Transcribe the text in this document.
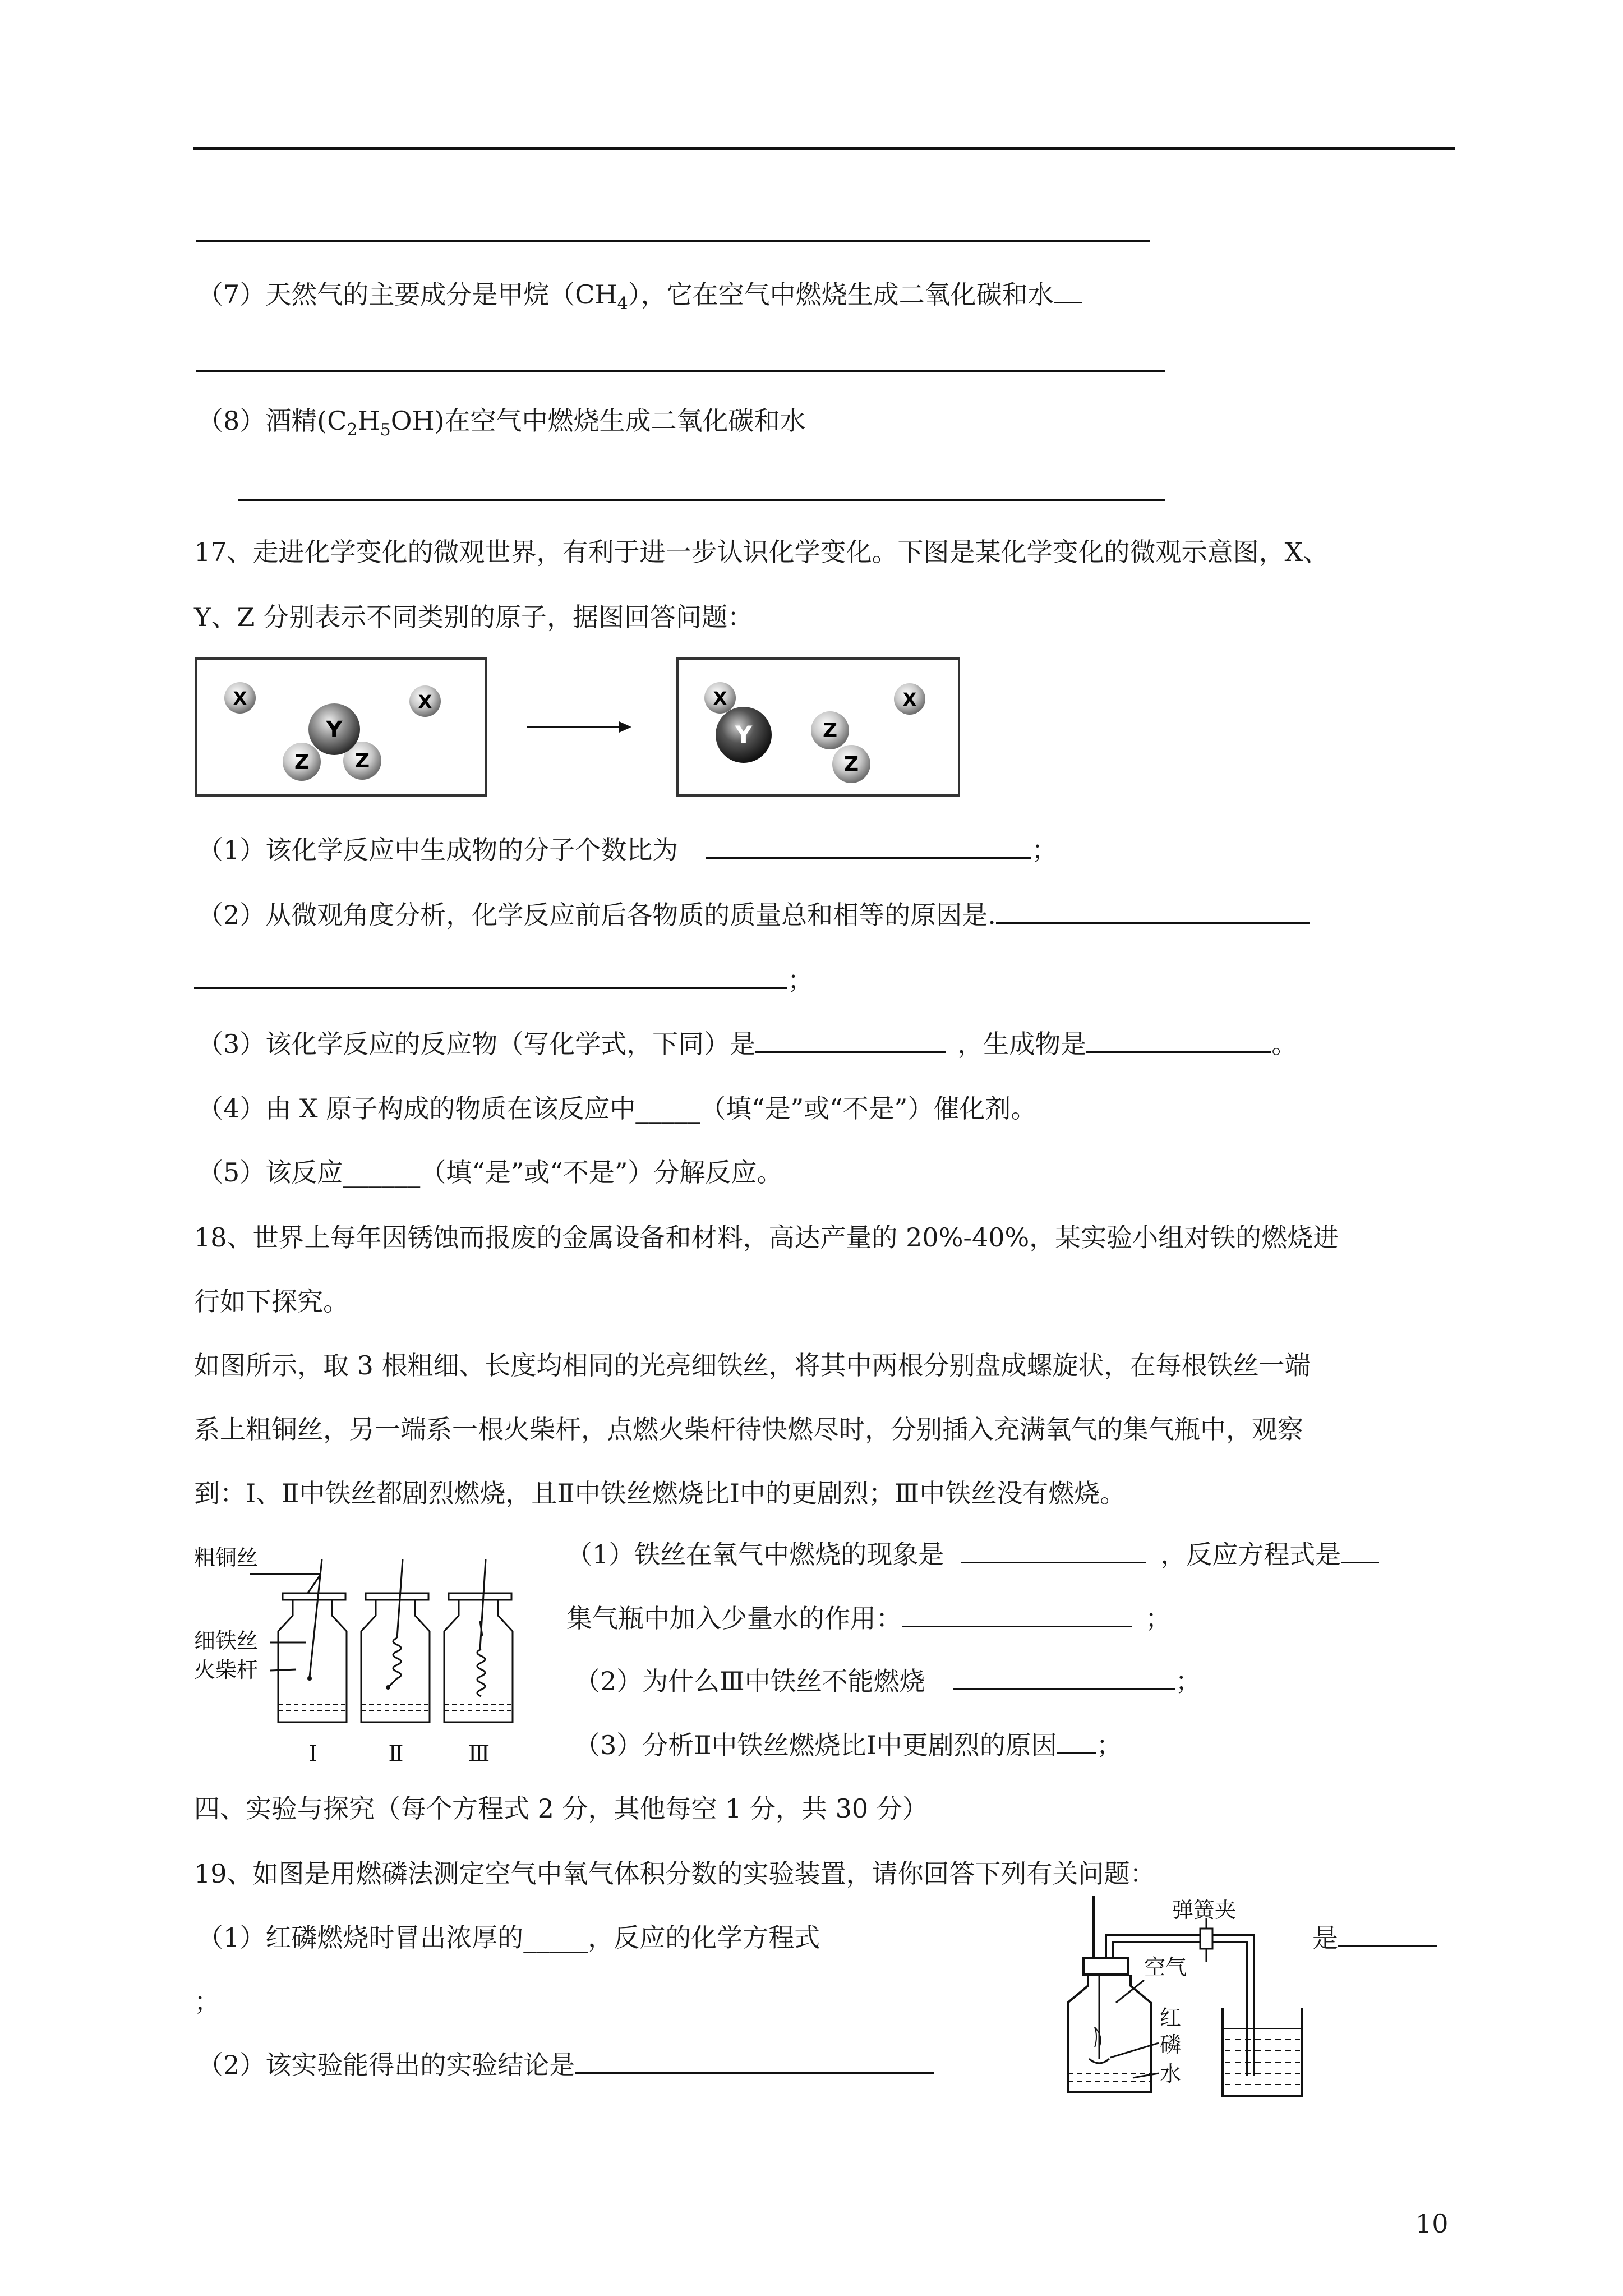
（7）天然气的主要成分是甲烷$(CH_4)$，它在空气中燃烧生成二氧化碳和水
（8）酒精$(C_2H_5OH)$在空气中燃烧生成二氧化碳和水
17、走进化学变化的微观世界，有利于进一步认识化学变化。下图是某化学变化的微观示意图，X、
Y、Z 分别表示不同类别的原子，据图回答问题：
X	X
Z Z
Y
X
Y	Z
Z
X
（1）该化学反应中生成物的分子个数比为	；
（2）从微观角度分析，化学反应前后各物质的质量总和相等的原因是.
；
（3）该化学反应的反应物（写化学式，下同）是	，生成物是	。
（4）由 X 原子构成的物质在该反应中_____（填“是”或“不是”）催化剂。
（5）该反应______（填“是”或“不是”）分解反应。
18、世界上每年因锈蚀而报废的金属设备和材料，高达产量的 20%-40%，某实验小组对铁的燃烧进
行如下探究。
如图所示，取 3 根粗细、长度均相同的光亮细铁丝，将其中两根分别盘成螺旋状，在每根铁丝一端
系上粗铜丝，另一端系一根火柴杆，点燃火柴杆待快燃尽时，分别插入充满氧气的集气瓶中，观察
到：Ⅰ、Ⅱ中铁丝都剧烈燃烧，且Ⅱ中铁丝燃烧比Ⅰ中的更剧烈；Ⅲ中铁丝没有燃烧。
粗铜丝
细铁丝
火柴杆
Ⅰ	Ⅱ	Ⅲ
（1）铁丝在氧气中燃烧的现象是	，反应方程式是
集气瓶中加入少量水的作用：	；
（2）为什么Ⅲ中铁丝不能燃烧	；
（3）分析Ⅱ中铁丝燃烧比Ⅰ中更剧烈的原因 ；
四、实验与探究（每个方程式 2 分，其他每空 1 分，共 30 分）
19、如图是用燃磷法测定空气中氧气体积分数的实验装置，请你回答下列有关问题：
（1）红磷燃烧时冒出浓厚的_____，反应的化学方程式	是
；
（2）该实验能得出的实验结论是
弹簧夹
空气
红
磷
水
10
